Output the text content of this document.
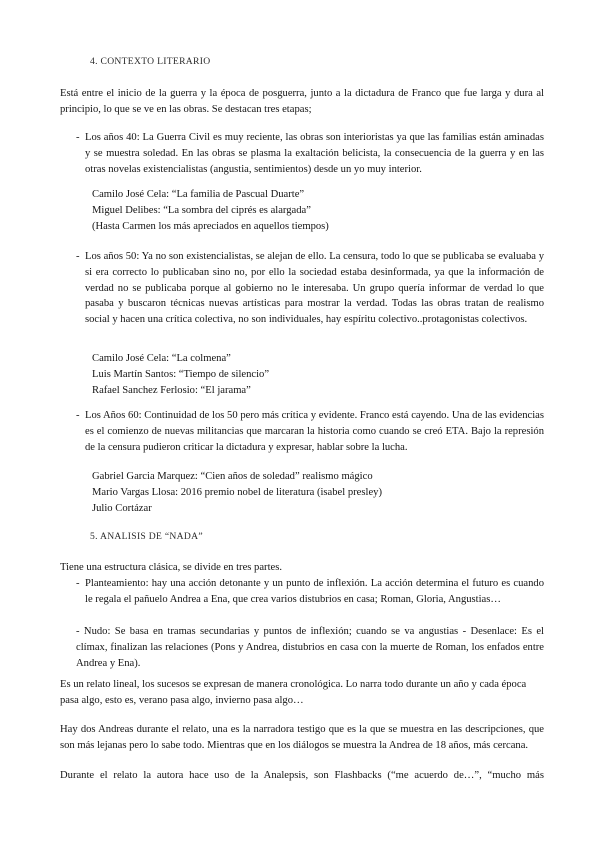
4. CONTEXTO LITERARIO
Está entre el inicio de la guerra y la época de posguerra, junto a la dictadura de Franco que fue larga y dura al principio, lo que se ve en las obras. Se destacan tres etapas;
- Los años 40: La Guerra Civil es muy reciente, las obras son interioristas ya que las familias están aminadas y se muestra soledad. En las obras se plasma la exaltación belicista, la consecuencia de la guerra y en las otras novelas existencialistas (angustia, sentimientos) desde un yo muy interior.
Camilo José Cela: “La familia de Pascual Duarte”
Miguel Delibes: “La sombra del ciprés es alargada”
(Hasta Carmen los más apreciados en aquellos tiempos)
- Los años 50: Ya no son existencialistas, se alejan de ello. La censura, todo lo que se publicaba se evaluaba y si era correcto lo publicaban sino no, por ello la sociedad estaba desinformada, ya que la información de verdad no se publicaba porque al gobierno no le interesaba. Un grupo quería informar de verdad lo que pasaba y buscaron técnicas nuevas artísticas para mostrar la verdad. Todas las obras tratan de realismo social y hacen una crítica colectiva, no son individuales, hay espíritu colectivo..protagonistas colectivos.
Camilo José Cela: “La colmena”
Luis Martín Santos: “Tiempo de silencio”
Rafael Sanchez Ferlosio: “El jarama”
- Los Años 60: Continuidad de los 50 pero más crítica y evidente. Franco está cayendo. Una de las evidencias es el comienzo de nuevas militancias que marcaran la historia como cuando se creó ETA. Bajo la represión de la censura pudieron criticar la dictadura y expresar, hablar sobre la lucha.
Gabriel Garcia Marquez: “Cien años de soledad” realismo mágico
Mario Vargas Llosa: 2016 premio nobel de literatura (isabel presley)
Julio Cortázar
5. ANALISIS DE “NADA”
Tiene una estructura clásica, se divide en tres partes.
- Planteamiento: hay una acción detonante y un punto de inflexión. La acción determina el futuro es cuando le regala el pañuelo Andrea a Ena, que crea varios distubrios en casa; Roman, Gloria, Angustias…
- Nudo: Se basa en tramas secundarias y puntos de inflexión; cuando se va angustias - Desenlace: Es el clímax, finalizan las relaciones (Pons y Andrea, distubrios en casa con la muerte de Roman, los enfados entre Andrea y Ena).
Es un relato lineal, los sucesos se expresan de manera cronológica. Lo narra todo durante un año y cada época pasa algo, esto es, verano pasa algo, invierno pasa algo…
Hay dos Andreas durante el relato, una es la narradora testigo que es la que se muestra en las descripciones, que son más lejanas pero lo sabe todo. Mientras que en los diálogos se muestra la Andrea de 18 años, más cercana.
Durante el relato la autora hace uso de la Analepsis, son Flashbacks (“me acuerdo de…”, “mucho más
